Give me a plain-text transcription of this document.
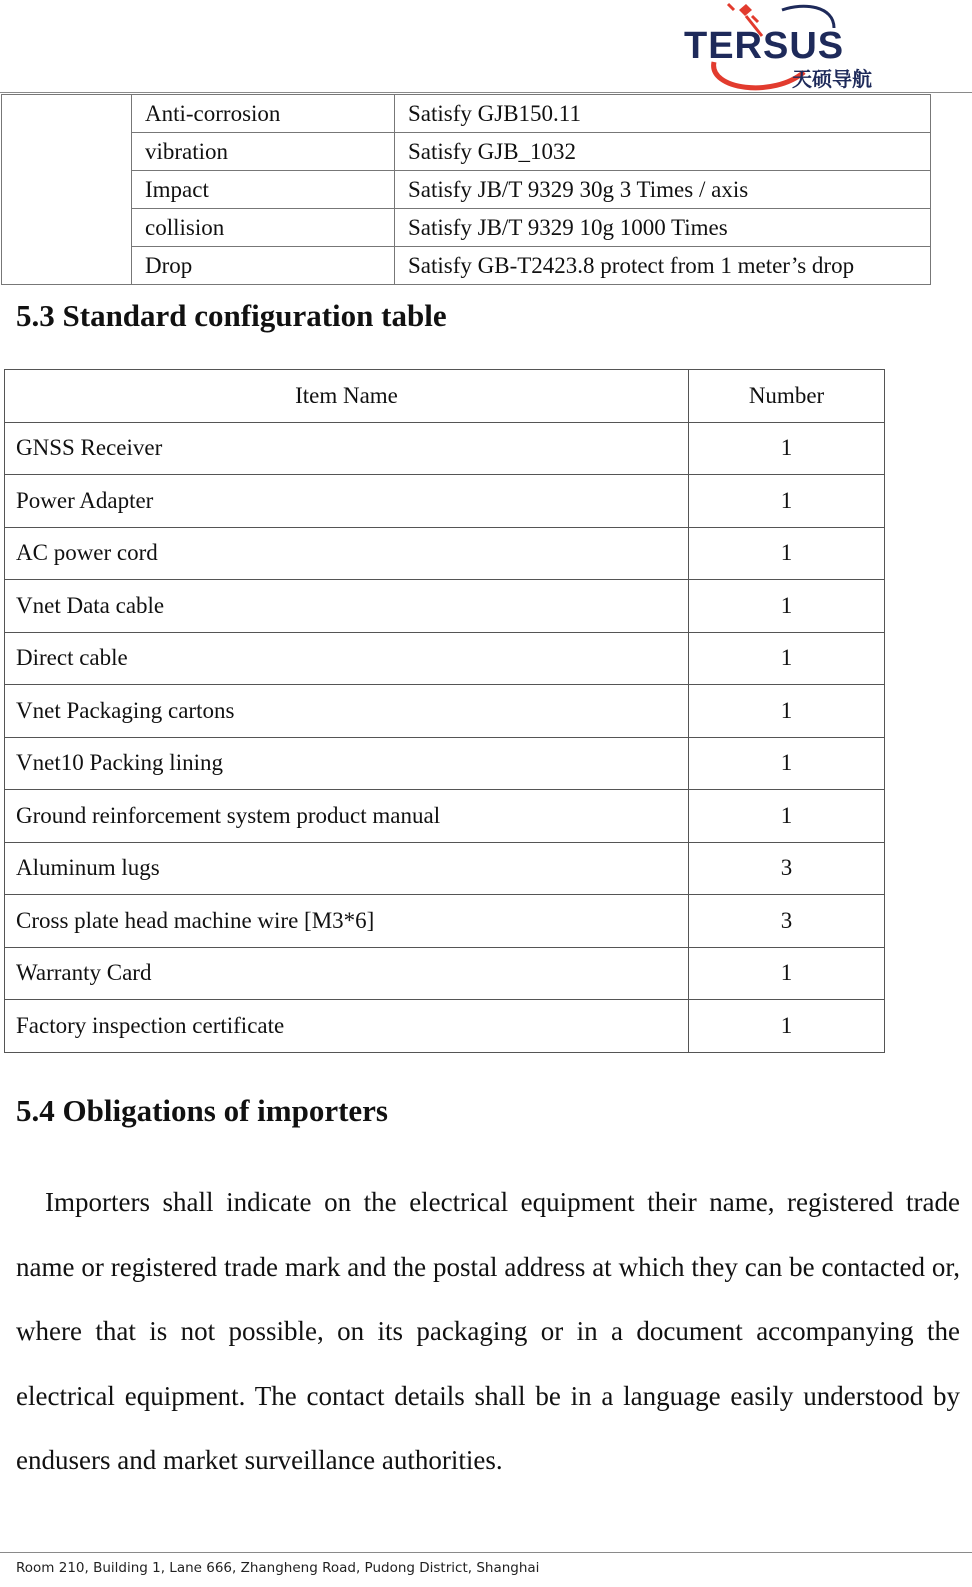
TERSUS
天硕导航
	Anti-corrosion	Satisfy GJB150.11
	vibration	Satisfy GJB_1032
	Impact	Satisfy JB/T 9329 30g 3 Times / axis
	collision	Satisfy JB/T 9329 10g 1000 Times
	Drop	Satisfy GB-T2423.8 protect from 1 meter’s drop
5.3 Standard configuration table
Item Name	Number
GNSS Receiver	1
Power Adapter	1
AC power cord	1
Vnet Data cable	1
Direct cable	1
Vnet Packaging cartons	1
Vnet10 Packing lining	1
Ground reinforcement system product manual	1
Aluminum lugs	3
Cross plate head machine wire [M3*6]	3
Warranty Card	1
Factory inspection certificate	1
5.4 Obligations of importers

Importers shall indicate on the electrical equipment their name, registered trade name or registered trade mark and the postal address at which they can be contacted or, where that is not possible, on its packaging or in a document accompanying the electrical equipment. The contact details shall be in a language easily understood by endusers and market surveillance authorities.

Room 210, Building 1, Lane 666, Zhangheng Road, Pudong District, Shanghai
